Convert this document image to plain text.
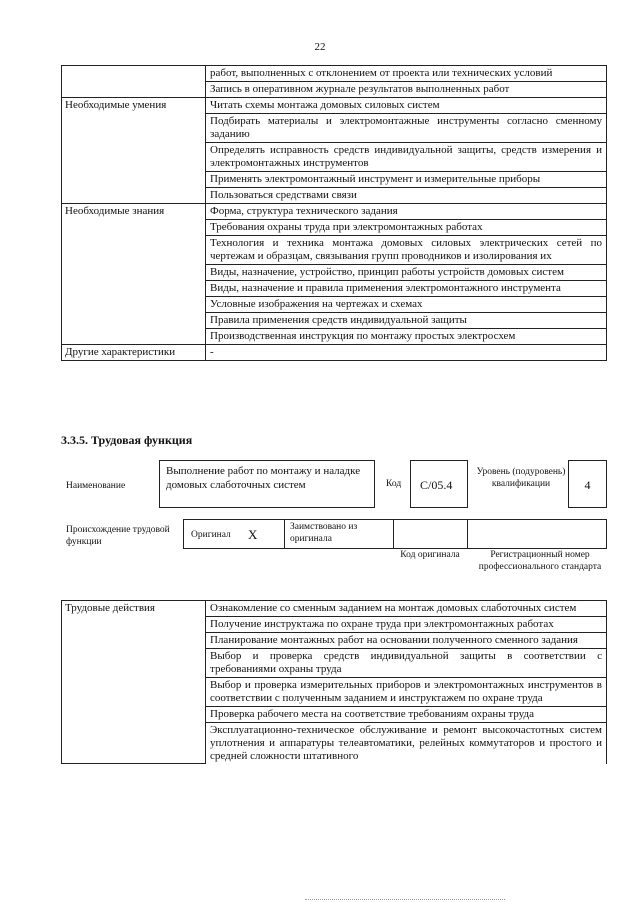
22
	работ, выполненных с отклонением от проекта или технических условий
	Запись в оперативном журнале результатов выполненных работ
Необходимые умения	Читать схемы монтажа домовых силовых систем
	Подбирать материалы и электромонтажные инструменты согласно сменному заданию
	Определять исправность средств индивидуальной защиты, средств измерения и электромонтажных инструментов
	Применять электромонтажный инструмент и измерительные приборы
	Пользоваться средствами связи
Необходимые знания	Форма, структура технического задания
	Требования охраны труда при электромонтажных работах
	Технология и техника монтажа домовых силовых электрических сетей по чертежам и образцам, связывания групп проводников и изолирования их
	Виды, назначение, устройство, принцип работы устройств домовых систем
	Виды, назначение и правила применения электромонтажного инструмента
	Условные изображения на чертежах и схемах
	Правила применения средств индивидуальной защиты
	Производственная инструкция по монтажу простых электросхем
Другие характеристики	-
3.3.5. Трудовая функция
Наименование
Выполнение работ по монтажу и наладке домовых слаботочных систем	Код	С/05.4
Уровень (подуровень) квалификации	4
Происхождение трудовой функции
Оригинал X	Заимствовано из оригинала
Код оригинала	Регистрационный номер профессионального стандарта
Трудовые действия	Ознакомление со сменным заданием на монтаж домовых слаботочных систем
Получение инструктажа по охране труда при электромонтажных работах
Планирование монтажных работ на основании полученного сменного задания
Выбор и проверка средств индивидуальной защиты в соответствии с требованиями охраны труда
Выбор и проверка измерительных приборов и электромонтажных инструментов в соответствии с полученным заданием и инструктажем по охране труда
Проверка рабочего места на соответствие требованиям охраны труда
Эксплуатационно-техническое обслуживание и ремонт высокочастотных систем уплотнения и аппаратуры телеавтоматики, релейных коммутаторов и простого и средней сложности штативного
